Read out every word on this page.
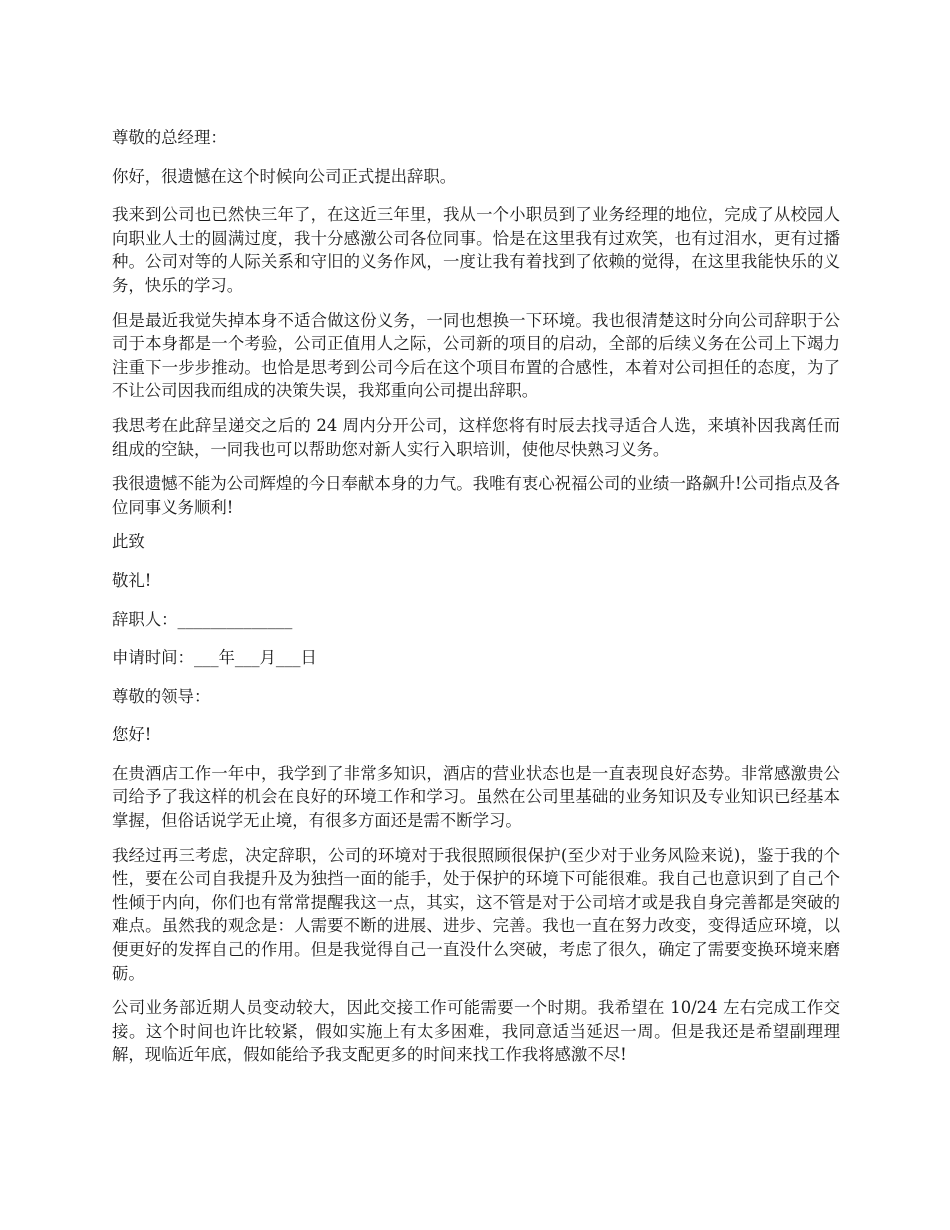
尊敬的总经理：

你好，很遗憾在这个时候向公司正式提出辞职。

我来到公司也已然快三年了，在这近三年里，我从一个小职员到了业务经理的地位，完成了从校园人向职业人士的圆满过度，我十分感激公司各位同事。恰是在这里我有过欢笑，也有过泪水，更有过播种。公司对等的人际关系和守旧的义务作风，一度让我有着找到了依赖的觉得，在这里我能快乐的义务，快乐的学习。

但是最近我觉失掉本身不适合做这份义务，一同也想换一下环境。我也很清楚这时分向公司辞职于公司于本身都是一个考验，公司正值用人之际，公司新的项目的启动，全部的后续义务在公司上下竭力注重下一步步推动。也恰是思考到公司今后在这个项目布置的合感性，本着对公司担任的态度，为了不让公司因我而组成的决策失误，我郑重向公司提出辞职。

我思考在此辞呈递交之后的 24 周内分开公司，这样您将有时辰去找寻适合人选，来填补因我离任而组成的空缺，一同我也可以帮助您对新人实行入职培训，使他尽快熟习义务。

我很遗憾不能为公司辉煌的今日奉献本身的力气。我唯有衷心祝福公司的业绩一路飙升!公司指点及各位同事义务顺利!

此致

敬礼!

辞职人：______________

申请时间：___年___月___日

尊敬的领导：

您好!

在贵酒店工作一年中，我学到了非常多知识，酒店的营业状态也是一直表现良好态势。非常感激贵公司给予了我这样的机会在良好的环境工作和学习。虽然在公司里基础的业务知识及专业知识已经基本掌握，但俗话说学无止境，有很多方面还是需不断学习。

我经过再三考虑，决定辞职，公司的环境对于我很照顾很保护(至少对于业务风险来说)，鉴于我的个性，要在公司自我提升及为独挡一面的能手，处于保护的环境下可能很难。我自己也意识到了自己个性倾于内向，你们也有常常提醒我这一点，其实，这不管是对于公司培才或是我自身完善都是突破的难点。虽然我的观念是：人需要不断的进展、进步、完善。我也一直在努力改变，变得适应环境，以便更好的发挥自己的作用。但是我觉得自己一直没什么突破，考虑了很久，确定了需要变换环境来磨砺。

公司业务部近期人员变动较大，因此交接工作可能需要一个时期。我希望在 10/24 左右完成工作交接。这个时间也许比较紧，假如实施上有太多困难，我同意适当延迟一周。但是我还是希望副理理解，现临近年底，假如能给予我支配更多的时间来找工作我将感激不尽!
